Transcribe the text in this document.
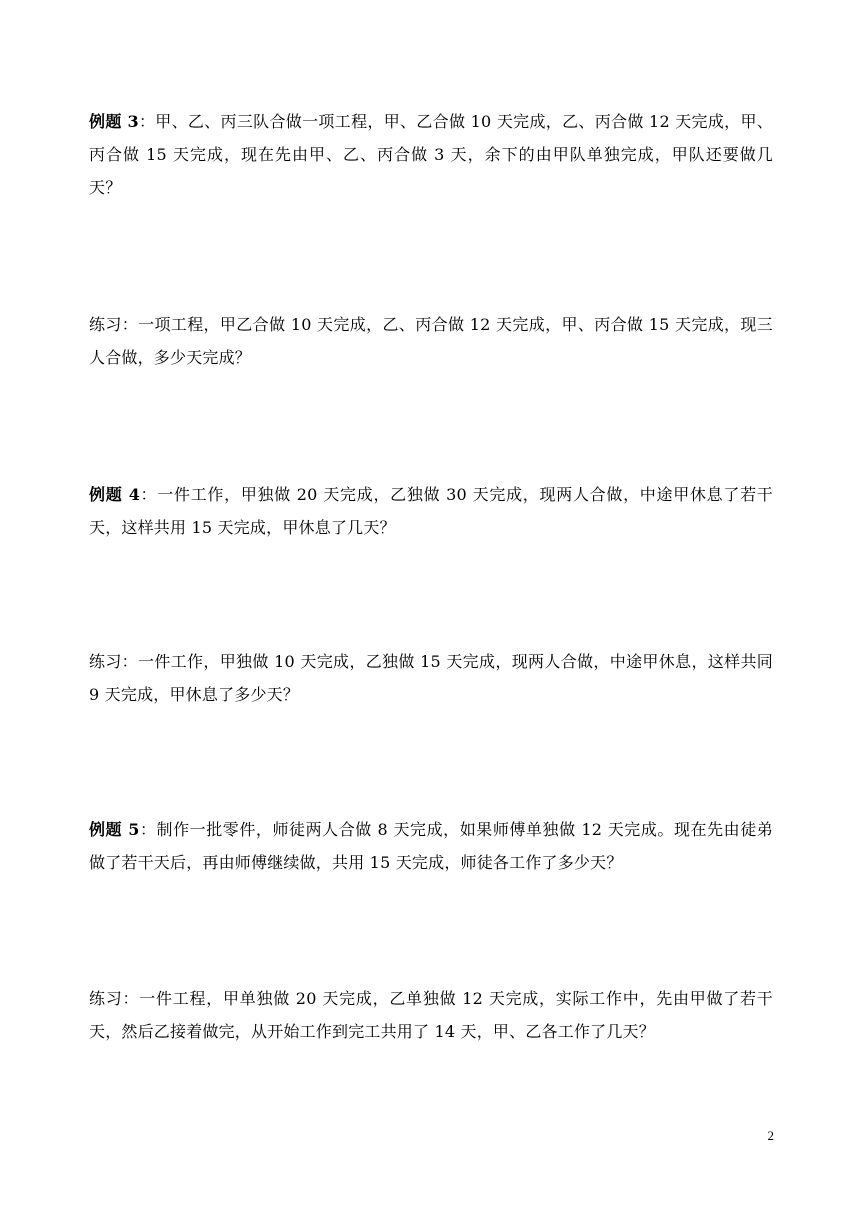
例题 3：甲、乙、丙三队合做一项工程，甲、乙合做 10 天完成，乙、丙合做 12 天完成，甲、丙合做 15 天完成，现在先由甲、乙、丙合做 3 天，余下的由甲队单独完成，甲队还要做几天？
练习：一项工程，甲乙合做 10 天完成，乙、丙合做 12 天完成，甲、丙合做 15 天完成，现三人合做，多少天完成？
例题 4：一件工作，甲独做 20 天完成，乙独做 30 天完成，现两人合做，中途甲休息了若干天，这样共用 15 天完成，甲休息了几天？
练习：一件工作，甲独做 10 天完成，乙独做 15 天完成，现两人合做，中途甲休息，这样共同 9 天完成，甲休息了多少天？
例题 5：制作一批零件，师徒两人合做 8 天完成，如果师傅单独做 12 天完成。现在先由徒弟做了若干天后，再由师傅继续做，共用 15 天完成，师徒各工作了多少天？
练习：一件工程，甲单独做 20 天完成，乙单独做 12 天完成，实际工作中，先由甲做了若干天，然后乙接着做完，从开始工作到完工共用了 14 天，甲、乙各工作了几天？
2
